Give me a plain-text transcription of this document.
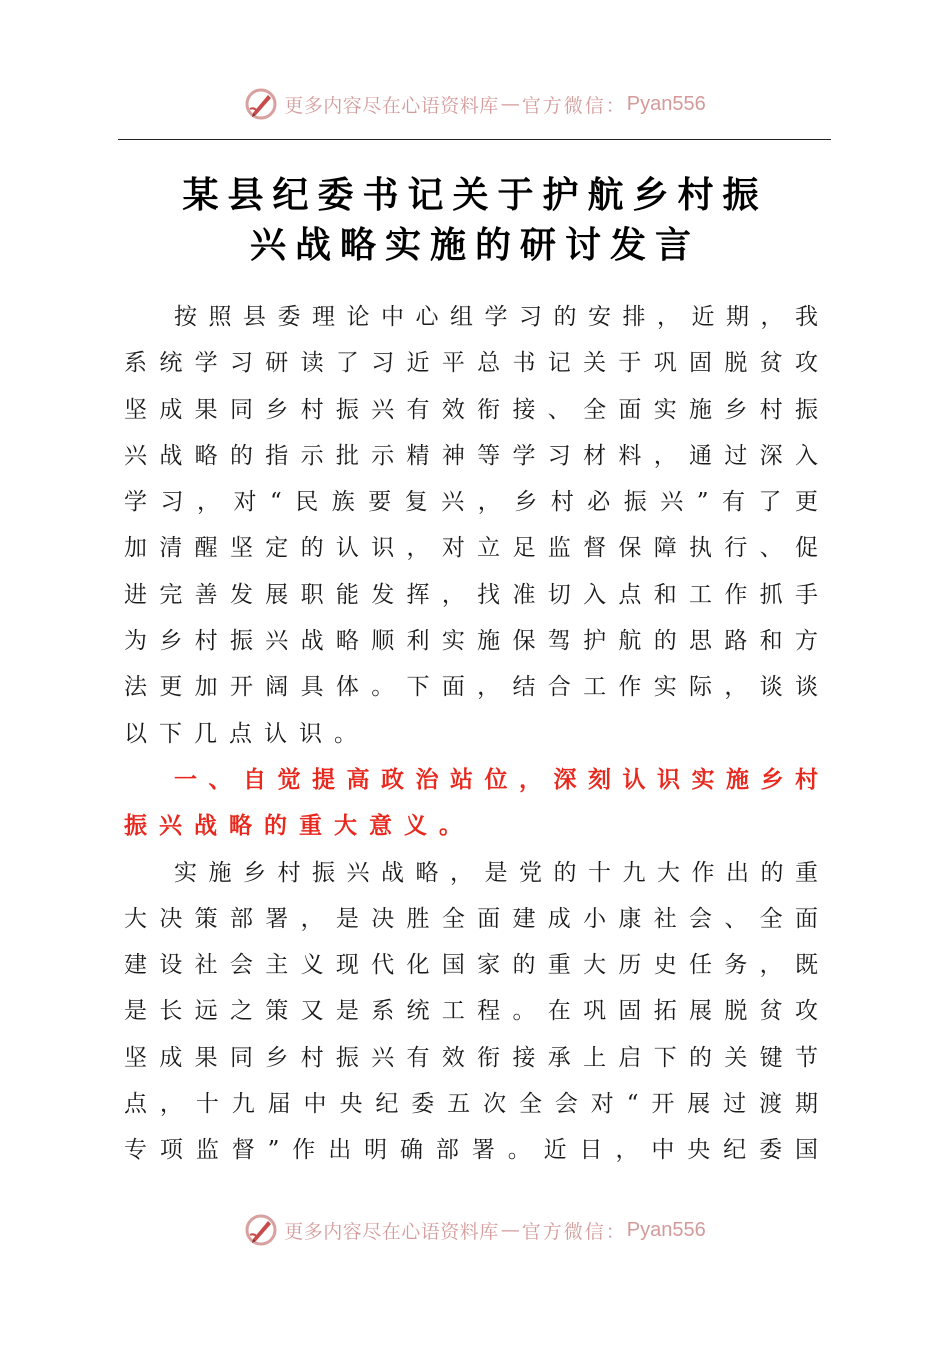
更多内容尽在心语资料库 — 官方微信： Pyan556
某县纪委书记关于护航乡村振
兴战略实施的研讨发言
按照县委理论中心组学习的安排，近期，我
系统学习研读了习近平总书记关于巩固脱贫攻
坚成果同乡村振兴有效衔接、全面实施乡村振
兴战略的指示批示精神等学习材料，通过深入
学习，对“民族要复兴，乡村必振兴”有了更
加清醒坚定的认识，对立足监督保障执行、促
进完善发展职能发挥，找准切入点和工作抓手
为乡村振兴战略顺利实施保驾护航的思路和方
法更加开阔具体。下面，结合工作实际，谈谈
以下几点认识。
一、自觉提高政治站位，深刻认识实施乡村
振兴战略的重大意义。
实施乡村振兴战略，是党的十九大作出的重
大决策部署，是决胜全面建成小康社会、全面
建设社会主义现代化国家的重大历史任务，既
是长远之策又是系统工程。在巩固拓展脱贫攻
坚成果同乡村振兴有效衔接承上启下的关键节
点，十九届中央纪委五次全会对“开展过渡期
专项监督”作出明确部署。近日，中央纪委国
更多内容尽在心语资料库 — 官方微信： Pyan556
